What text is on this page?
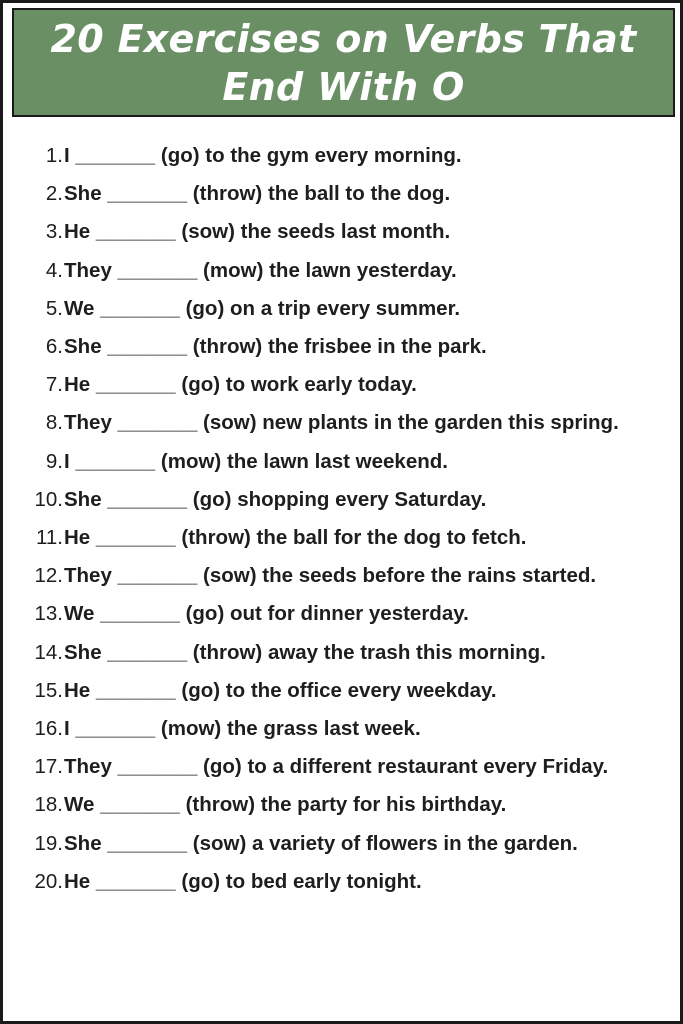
20 Exercises on Verbs That
End With O
1. I _______ (go) to the gym every morning.
2. She _______ (throw) the ball to the dog.
3. He _______ (sow) the seeds last month.
4. They _______ (mow) the lawn yesterday.
5. We _______ (go) on a trip every summer.
6. She _______ (throw) the frisbee in the park.
7. He _______ (go) to work early today.
8. They _______ (sow) new plants in the garden this spring.
9. I _______ (mow) the lawn last weekend.
10. She _______ (go) shopping every Saturday.
11. He _______ (throw) the ball for the dog to fetch.
12. They _______ (sow) the seeds before the rains started.
13. We _______ (go) out for dinner yesterday.
14. She _______ (throw) away the trash this morning.
15. He _______ (go) to the office every weekday.
16. I _______ (mow) the grass last week.
17. They _______ (go) to a different restaurant every Friday.
18. We _______ (throw) the party for his birthday.
19. She _______ (sow) a variety of flowers in the garden.
20. He _______ (go) to bed early tonight.
